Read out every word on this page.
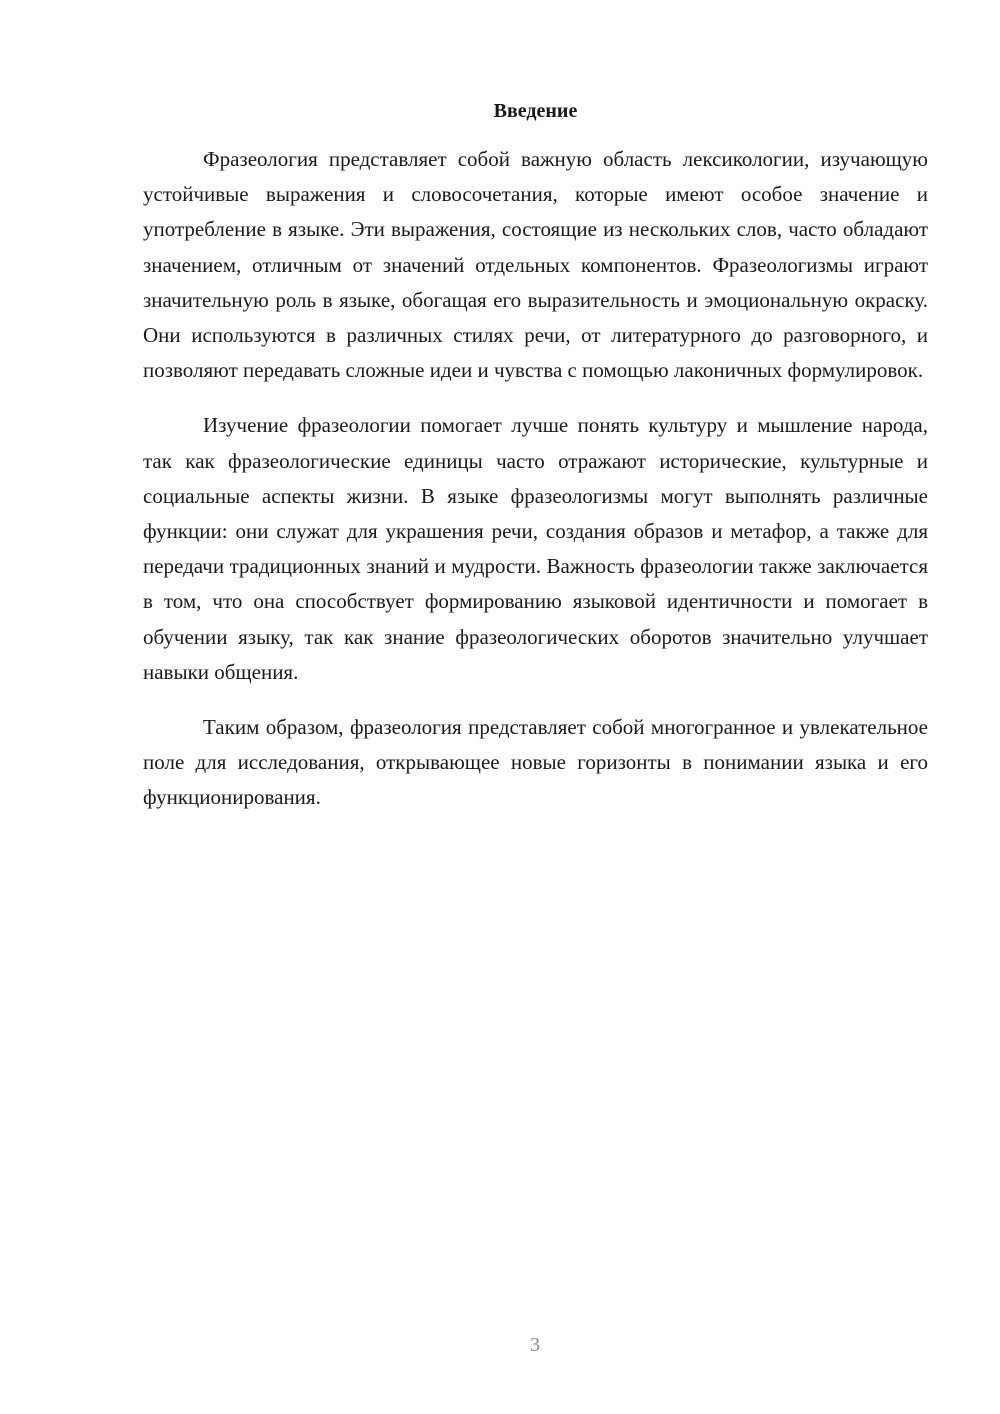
Введение

Фразеология представляет собой важную область лексикологии, изучающую устойчивые выражения и словосочетания, которые имеют особое значение и употребление в языке. Эти выражения, состоящие из нескольких слов, часто обладают значением, отличным от значений отдельных компонентов. Фразеологизмы играют значительную роль в языке, обогащая его выразительность и эмоциональную окраску. Они используются в различных стилях речи, от литературного до разговорного, и позволяют передавать сложные идеи и чувства с помощью лаконичных формулировок.

Изучение фразеологии помогает лучше понять культуру и мышление народа, так как фразеологические единицы часто отражают исторические, культурные и социальные аспекты жизни. В языке фразеологизмы могут выполнять различные функции: они служат для украшения речи, создания образов и метафор, а также для передачи традиционных знаний и мудрости. Важность фразеологии также заключается в том, что она способствует формированию языковой идентичности и помогает в обучении языку, так как знание фразеологических оборотов значительно улучшает навыки общения.

Таким образом, фразеология представляет собой многогранное и увлекательное поле для исследования, открывающее новые горизонты в понимании языка и его функционирования.

3
